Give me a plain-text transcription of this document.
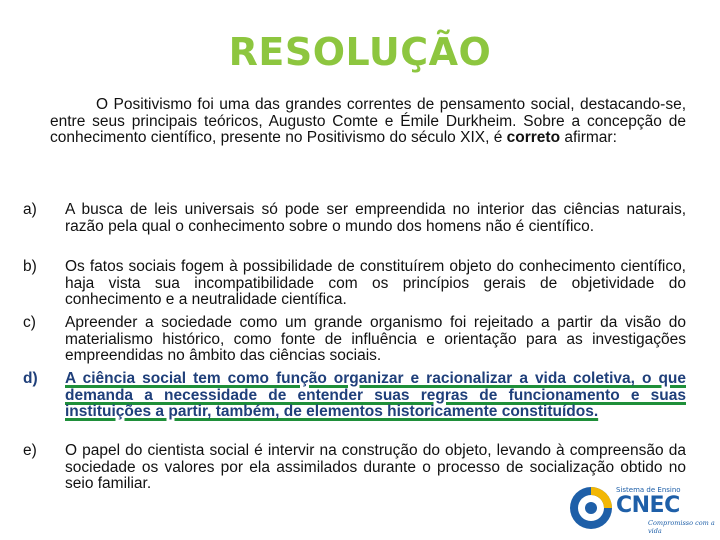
RESOLUÇÃO
O Positivismo foi uma das grandes correntes de pensamento social, destacando-se, entre seus principais teóricos, Augusto Comte e Émile Durkheim. Sobre a concepção de conhecimento científico, presente no Positivismo do século XIX, é correto afirmar:
a) A busca de leis universais só pode ser empreendida no interior das ciências naturais, razão pela qual o conhecimento sobre o mundo dos homens não é científico.
b) Os fatos sociais fogem à possibilidade de constituírem objeto do conhecimento científico, haja vista sua incompatibilidade com os princípios gerais de objetividade do conhecimento e a neutralidade científica.
c) Apreender a sociedade como um grande organismo foi rejeitado a partir da visão do materialismo histórico, como fonte de influência e orientação para as investigações empreendidas no âmbito das ciências sociais.
d) A ciência social tem como função organizar e racionalizar a vida coletiva, o que demanda a necessidade de entender suas regras de funcionamento e suas instituições a partir, também, de elementos historicamente constituídos.
e) O papel do cientista social é intervir na construção do objeto, levando à compreensão da sociedade os valores por ela assimilados durante o processo de socialização obtido no seio familiar.	Sistema de Ensino
CNEC
Compromisso com a vida
